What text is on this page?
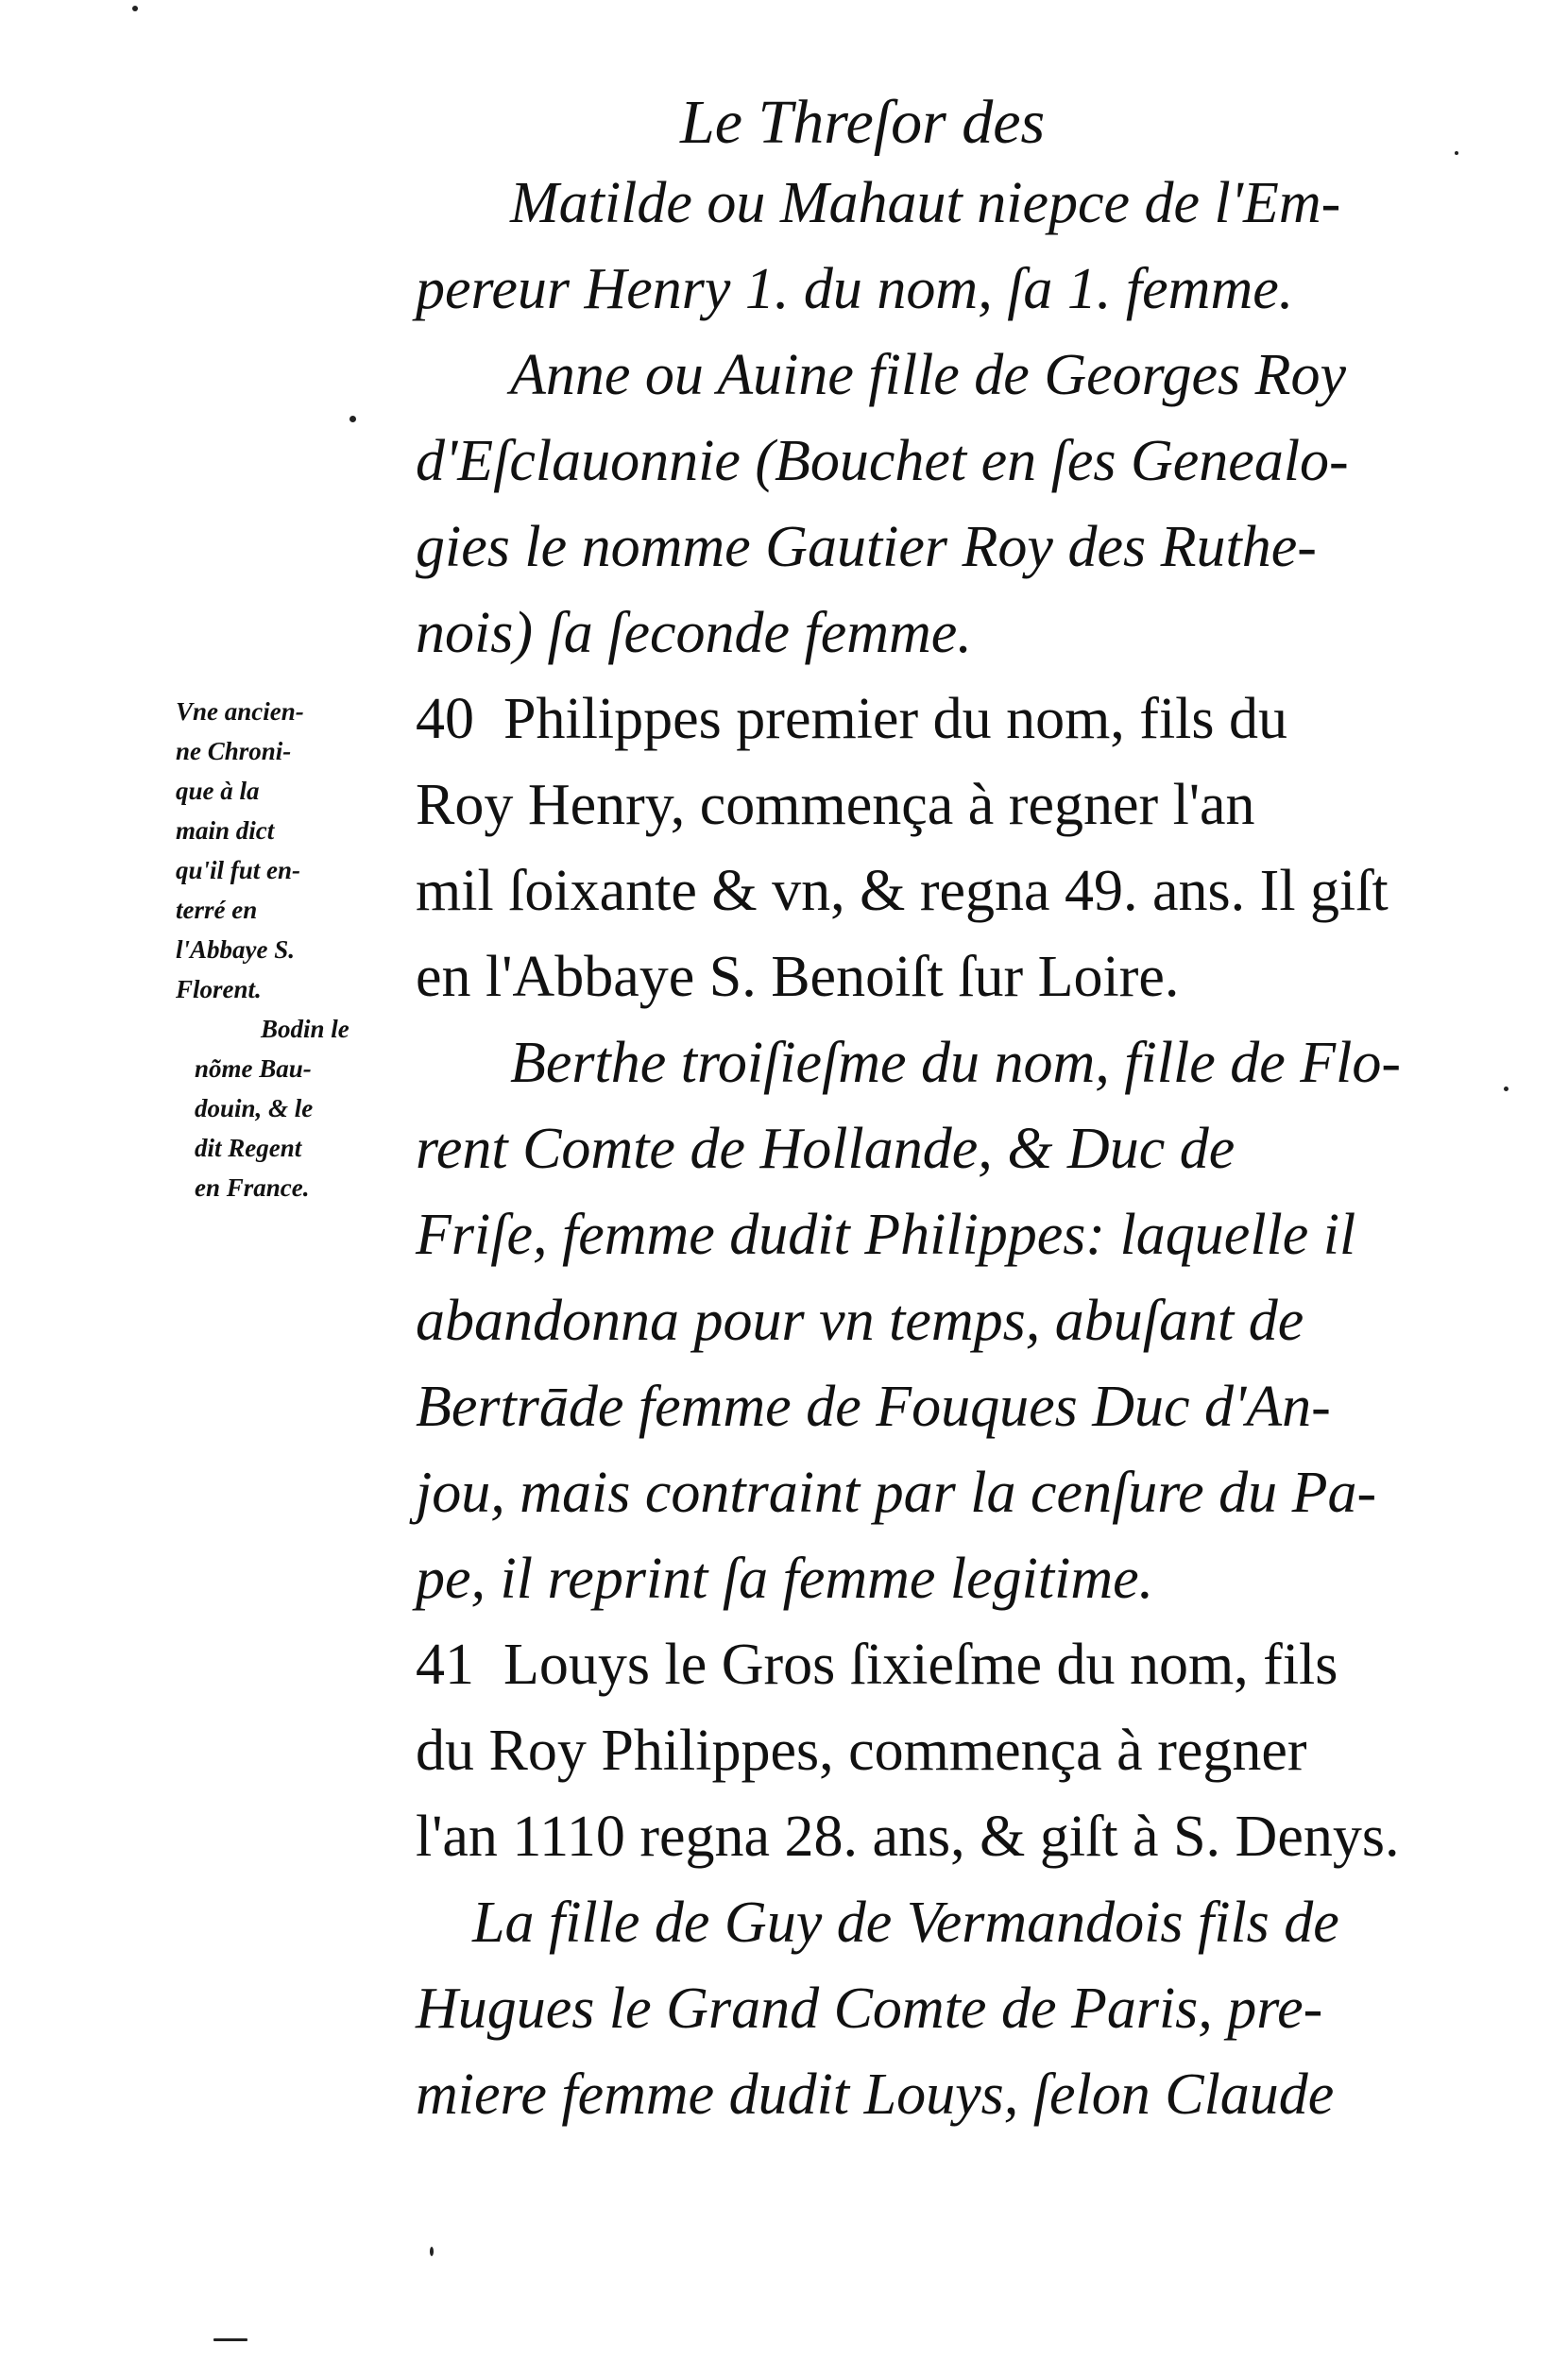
Le Threſor des
Vne ancien-
ne Chroni-
que à la
main dict
qu'il fut en-
terré en
l'Abbaye S.
Florent.
Bodin le
nõme Bau-
douin, & le
dit Regent
en France.
Matilde ou Mahaut niepce de l'Em-
pereur Henry 1. du nom, ſa 1. femme.
Anne ou Auine fille de Georges Roy
d'Eſclauonnie (Bouchet en ſes Genealo-
gies le nomme Gautier Roy des Ruthe-
nois) ſa ſeconde femme.
40  Philippes premier du nom, fils du
Roy Henry, commença à regner l'an
mil ſoixante & vn, & regna 49. ans. Il giſt
en l'Abbaye S. Benoiſt ſur Loire.
Berthe troiſieſme du nom, fille de Flo-
rent Comte de Hollande, & Duc de
Friſe, femme dudit Philippes: laquelle il
abandonna pour vn temps, abuſant de
Bertrāde femme de Fouques Duc d'An-
jou, mais contraint par la cenſure du Pa-
pe, il reprint ſa femme legitime.
41  Louys le Gros ſixieſme du nom, fils
du Roy Philippes, commença à regner
l'an 1110 regna 28. ans, & giſt à S. Denys.
La fille de Guy de Vermandois fils de
Hugues le Grand Comte de Paris, pre-
miere femme dudit Louys, ſelon Claude
